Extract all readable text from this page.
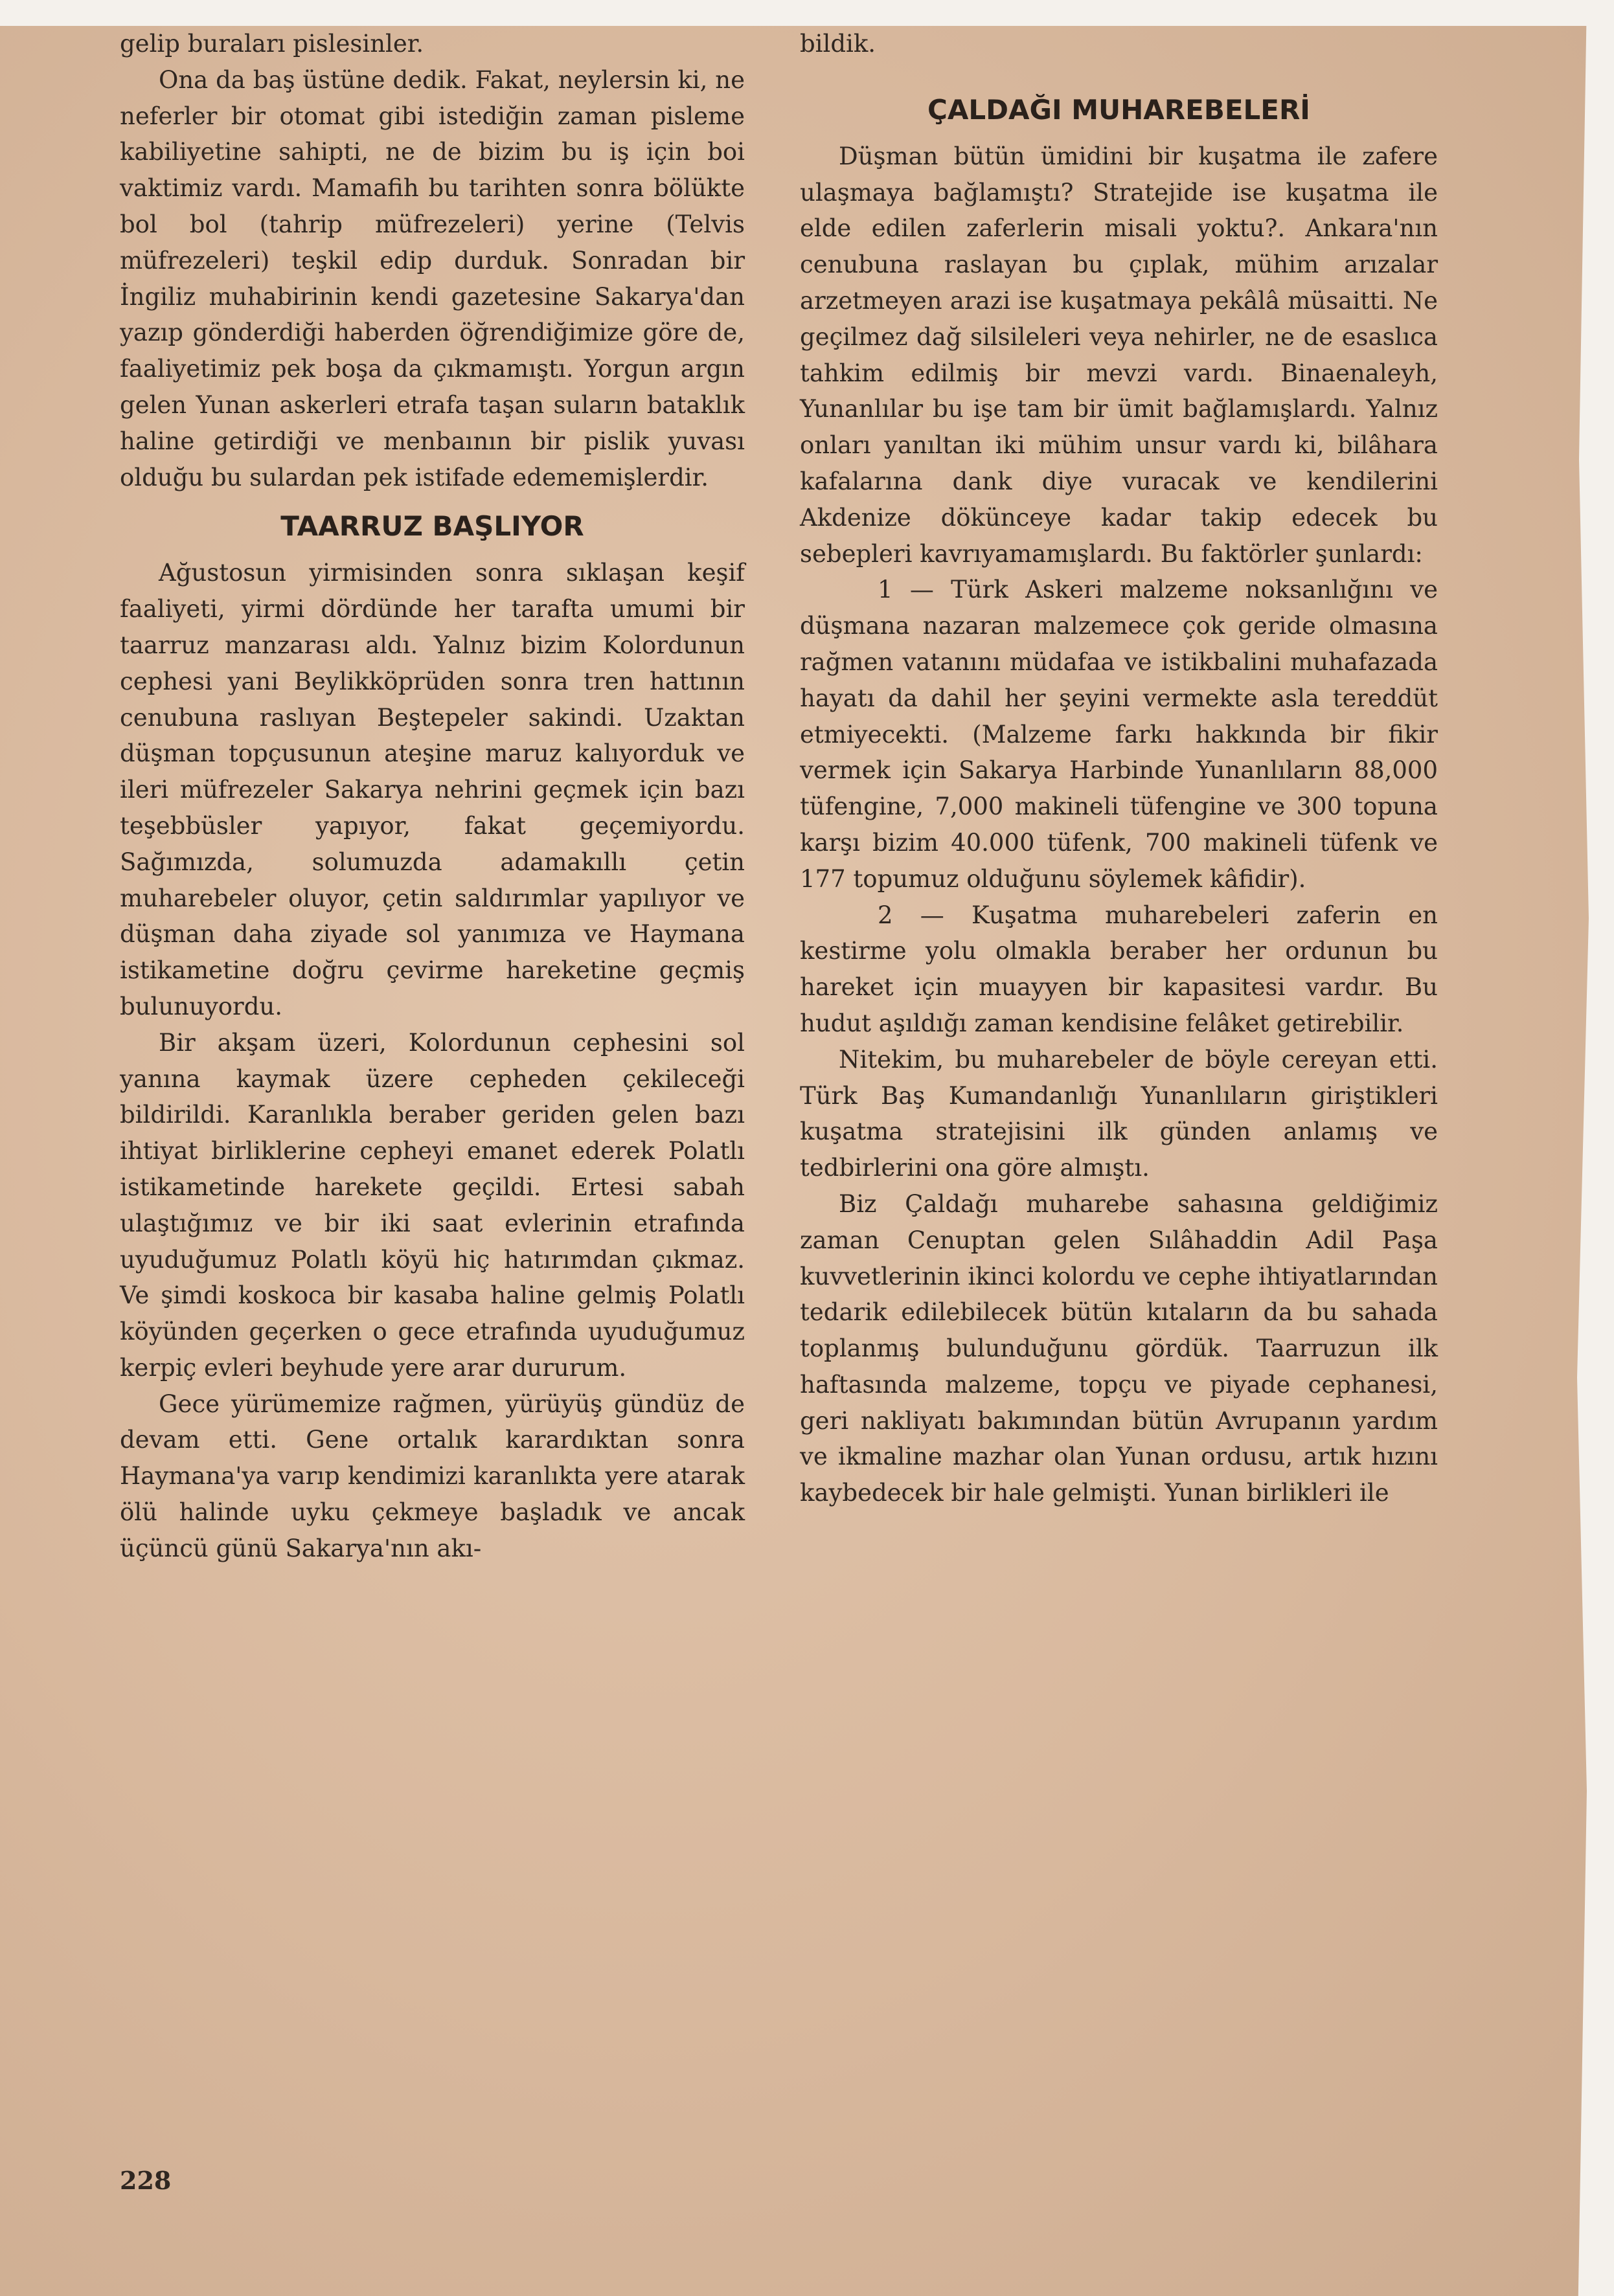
gelip buraları pislesinler.

Ona da baş üstüne dedik. Fakat, neylersin ki, ne neferler bir otomat gibi istediğin zaman pisleme kabiliyetine sahipti, ne de bizim bu iş için boi vaktimiz vardı. Mamafih bu tarihten sonra bölükte bol bol (tahrip müfrezeleri) yerine (Telvis müfrezeleri) teşkil edip durduk. Sonradan bir İngiliz muhabirinin kendi gazetesine Sakarya'dan yazıp gönderdiği haberden öğrendiğimize göre de, faaliyetimiz pek boşa da çıkmamıştı. Yorgun argın gelen Yunan askerleri etrafa taşan suların bataklık haline getirdiği ve menbaının bir pislik yuvası olduğu bu sulardan pek istifade edememişlerdir.

TAARRUZ BAŞLIYOR

Ağustosun yirmisinden sonra sıklaşan keşif faaliyeti, yirmi dördünde her tarafta umumi bir taarruz manzarası aldı. Yalnız bizim Kolordunun cephesi yani Beylikköprüden sonra tren hattının cenubuna raslıyan Beştepeler sakindi. Uzaktan düşman topçusunun ateşine maruz kalıyorduk ve ileri müfrezeler Sakarya nehrini geçmek için bazı teşebbüsler yapıyor, fakat geçemiyordu. Sağımızda, solumuzda adamakıllı çetin muharebeler oluyor, çetin saldırımlar yapılıyor ve düşman daha ziyade sol yanımıza ve Haymana istikametine doğru çevirme hareketine geçmiş bulunuyordu.

Bir akşam üzeri, Kolordunun cephesini sol yanına kaymak üzere cepheden çekileceği bildirildi. Karanlıkla beraber geriden gelen bazı ihtiyat birliklerine cepheyi emanet ederek Polatlı istikametinde harekete geçildi. Ertesi sabah ulaştığımız ve bir iki saat evlerinin etrafında uyuduğumuz Polatlı köyü hiç hatırımdan çıkmaz. Ve şimdi koskoca bir kasaba haline gelmiş Polatlı köyünden geçerken o gece etrafında uyuduğumuz kerpiç evleri beyhude yere arar dururum.

Gece yürümemize rağmen, yürüyüş gündüz de devam etti. Gene ortalık karardıktan sonra Haymana'ya varıp kendimizi karanlıkta yere atarak ölü halinde uyku çekmeye başladık ve ancak üçüncü günü Sakarya'nın akı-

bildik.

ÇALDAĞI MUHAREBELERİ

Düşman bütün ümidini bir kuşatma ile zafere ulaşmaya bağlamıştı? Stratejide ise kuşatma ile elde edilen zaferlerin misali yoktu?. Ankara'nın cenubuna raslayan bu çıplak, mühim arızalar arzetmeyen arazi ise kuşatmaya pekâlâ müsaitti. Ne geçilmez dağ silsileleri veya nehirler, ne de esaslıca tahkim edilmiş bir mevzi vardı. Binaenaleyh, Yunanlılar bu işe tam bir ümit bağlamışlardı. Yalnız onları yanıltan iki mühim unsur vardı ki, bilâhara kafalarına dank diye vuracak ve kendilerini Akdenize dökünceye kadar takip edecek bu sebepleri kavrıyamamışlardı. Bu faktörler şunlardı:

1 — Türk Askeri malzeme noksanlığını ve düşmana nazaran malzemece çok geride olmasına rağmen vatanını müdafaa ve istikbalini muhafazada hayatı da dahil her şeyini vermekte asla tereddüt etmiyecekti. (Malzeme farkı hakkında bir fikir vermek için Sakarya Harbinde Yunanlıların 88,000 tüfengine, 7,000 makineli tüfengine ve 300 topuna karşı bizim 40.000 tüfenk, 700 makineli tüfenk ve 177 topumuz olduğunu söylemek kâfidir).

2 — Kuşatma muharebeleri zaferin en kestirme yolu olmakla beraber her ordunun bu hareket için muayyen bir kapasitesi vardır. Bu hudut aşıldığı zaman kendisine felâket getirebilir.

Nitekim, bu muharebeler de böyle cereyan etti. Türk Baş Kumandanlığı Yunanlıların giriştikleri kuşatma stratejisini ilk günden anlamış ve tedbirlerini ona göre almıştı.

Biz Çaldağı muharebe sahasına geldiğimiz zaman Cenuptan gelen Sılâhaddin Adil Paşa kuvvetlerinin ikinci kolordu ve cephe ihtiyatlarından tedarik edilebilecek bütün kıtaların da bu sahada toplanmış bulunduğunu gördük. Taarruzun ilk haftasında malzeme, topçu ve piyade cephanesi, geri nakliyatı bakımından bütün Avrupanın yardım ve ikmaline mazhar olan Yunan ordusu, artık hızını kaybedecek bir hale gelmişti. Yunan birlikleri ile

228
